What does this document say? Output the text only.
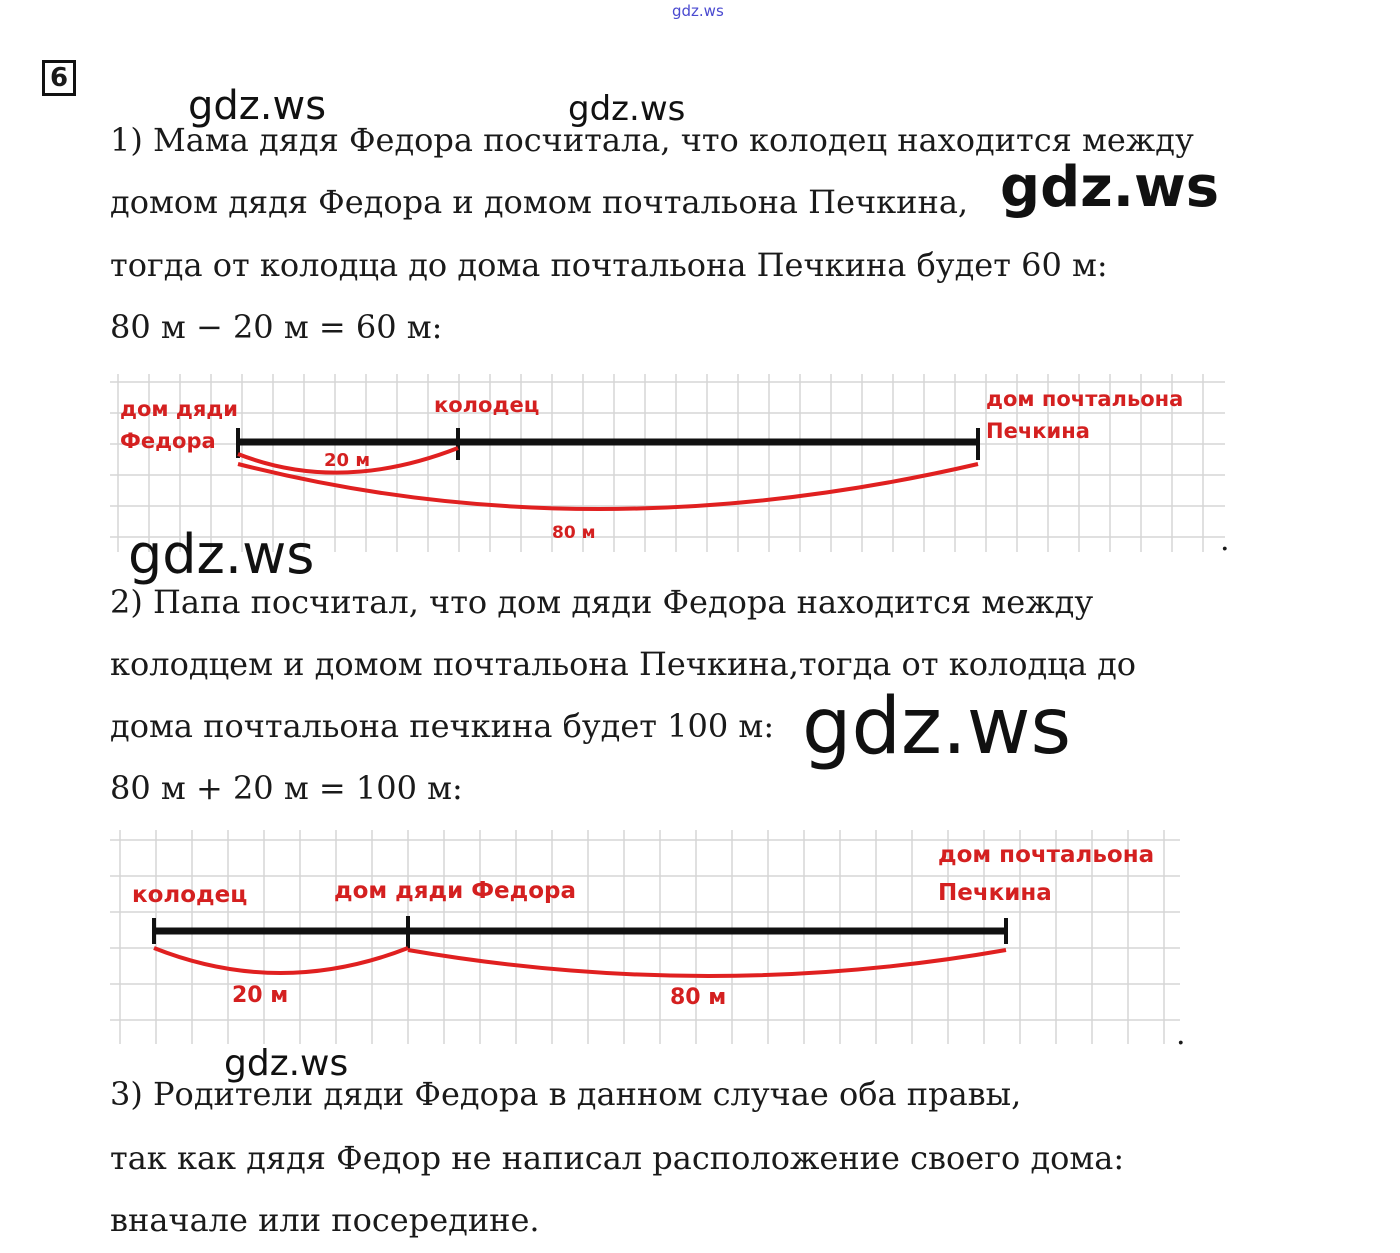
gdz.ws
6
gdz.ws	gdz.ws
1) Мама дядя Федора посчитала, что колодец находится между
домом дядя Федора и домом почтальона Печкина, gdz.ws
тогда от колодца до дома почтальона Печкина будет 60 м:
80 м − 20 м = 60 м:
дом дяди
Федора
колодец	дом почтальона
Печкина
20 м
80 м	.
gdz.ws
2) Папа посчитал, что дом дяди Федора находится между
колодцем и домом почтальона Печкина,тогда от колодца до
дома почтальона печкина будет 100 м: gdz.ws
80 м + 20 м = 100 м:
колодец	дом дяди Федора
дом почтальона
Печкина
20 м	80 м
.
gdz.ws
3) Родители дяди Федора в данном случае оба правы,
так как дядя Федор не написал расположение своего дома:
вначале или посередине.
